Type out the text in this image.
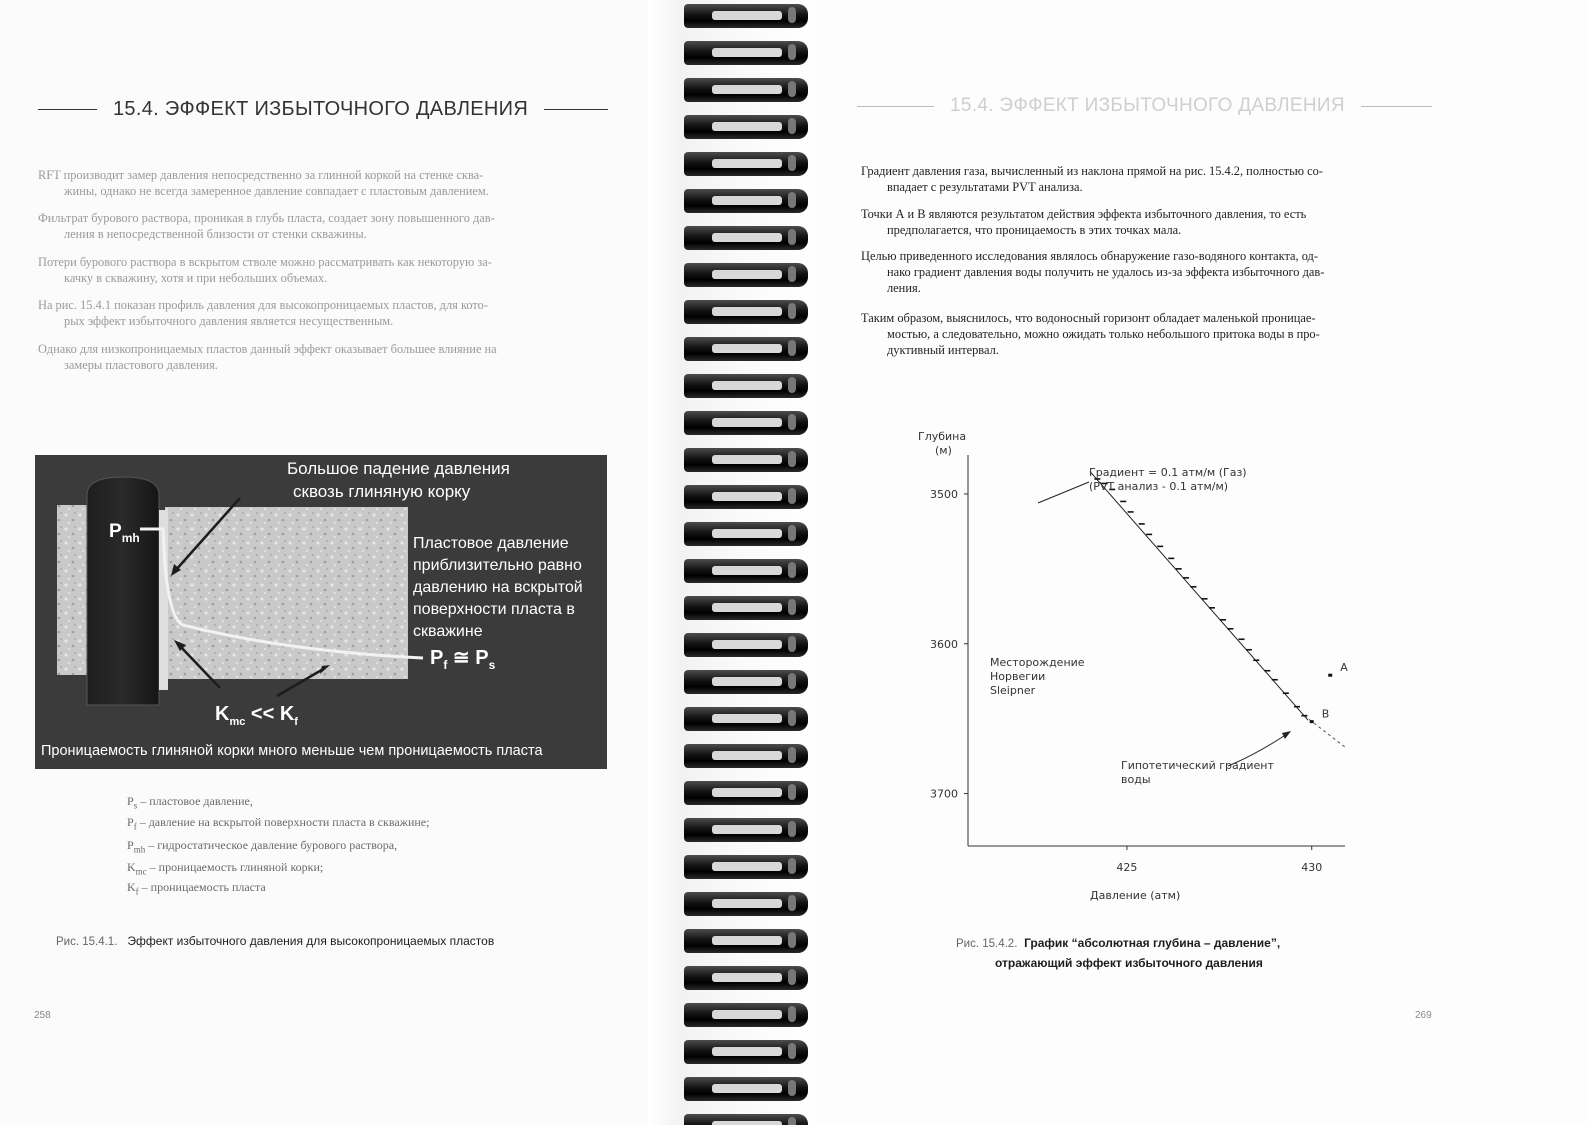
15.4. ЭФФЕКТ ИЗБЫТОЧНОГО ДАВЛЕНИЯ

RFT производит замер давления непосредственно за глинной коркой на стенке сква-
жины, однако не всегда замеренное давление совпадает с пластовым давлением.

Фильтрат бурового раствора, проникая в глубь пласта, создает зону повышенного дав-
ления в непосредственной близости от стенки скважины.

Потери бурового раствора в вскрытом стволе можно рассматривать как некоторую за-
качку в скважину, хотя и при небольших объемах.

На рис. 15.4.1 показан профиль давления для высокопроницаемых пластов, для кото-
рых эффект избыточного давления является несущественным.

Однако для низкопроницаемых пластов данный эффект оказывает большее влияние на
замеры пластового давления.

Большое падение давления

сквозь глиняную корку

$P_{mh}$	Пластовое давление

приблизительно равно

давлению на вскрытой

поверхности пласта в

скважине

$P_f$ ≅ $P_s$

$K_{mc} << K_f$

Проницаемость глиняной корки много меньше чем проницаемость пласта

$P_s$ – пластовое давление,

$P_f$ – давление на вскрытой поверхности пласта в скважине;

$P_{mh}$ – гидростатическое давление бурового раствора,

$K_{mc}$ – проницаемость глиняной корки;

$K_f$ – проницаемость пласта

Рис. 15.4.1. Эффект избыточного давления для высокопроницаемых пластов

258

15.4. ЭФФЕКТ ИЗБЫТОЧНОГО ДАВЛЕНИЯ

Градиент давления газа, вычисленный из наклона прямой на рис. 15.4.2, полностью со-
впадает с результатами PVT анализа.

Точки А и В являются результатом действия эффекта избыточного давления, то есть
предполагается, что проницаемость в этих точках мала.

Целью приведенного исследования являлось обнаружение газо-водяного контакта, од-
нако градиент давления воды получить не удалось из-за эффекта избыточного дав-
ления.

Таким образом, выяснилось, что водоносный горизонт обладает маленькой проницае-
мостью, а следовательно, можно ожидать только небольшого притока воды в про-
дуктивный интервал.

Глубина
(м)
3500
3600
3700
425	430
A
B
Градиент = 0.1 атм/м (Газ)
(PVT анализ - 0.1 атм/м)
Месторождение
Норвегии
Sleipner
Гипотетический градиент
воды
Давление (атм)

Рис. 15.4.2. График “абсолютная глубина – давление”,

отражающий эффект избыточного давления

269
